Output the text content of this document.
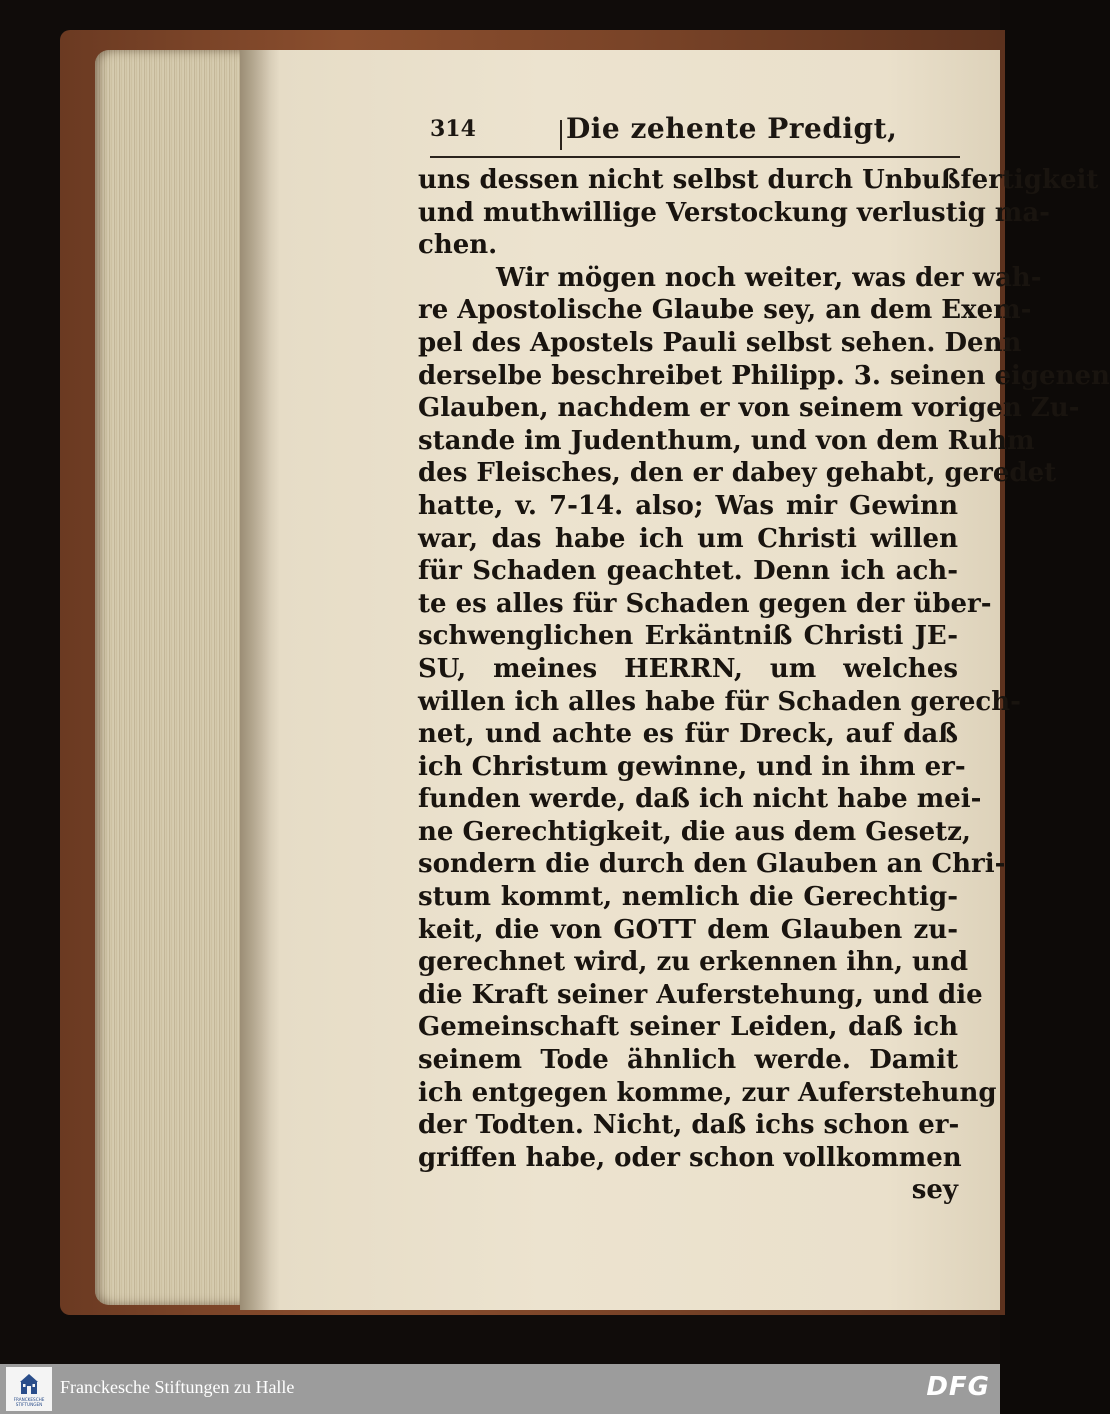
314	Die zehente Predigt,
uns dessen nicht selbst durch Unbußfertigkeit
und muthwillige Verstockung verlustig ma-
chen.
Wir mögen noch weiter, was der wah-
re Apostolische Glaube sey, an dem Exem-
pel des Apostels Pauli selbst sehen. Denn
derselbe beschreibet Philipp. 3. seinen eigenen
Glauben, nachdem er von seinem vorigen Zu-
stande im Judenthum, und von dem Ruhm
des Fleisches, den er dabey gehabt, geredet
hatte, v. 7-14. also; Was mir Gewinn
war, das habe ich um Christi willen
für Schaden geachtet. Denn ich ach-
te es alles für Schaden gegen der über-
schwenglichen Erkäntniß Christi JE-
SU, meines HERRN, um welches
willen ich alles habe für Schaden gerech-
net, und achte es für Dreck, auf daß
ich Christum gewinne, und in ihm er-
funden werde, daß ich nicht habe mei-
ne Gerechtigkeit, die aus dem Gesetz,
sondern die durch den Glauben an Chri-
stum kommt, nemlich die Gerechtig-
keit, die von GOTT dem Glauben zu-
gerechnet wird, zu erkennen ihn, und
die Kraft seiner Auferstehung, und die
Gemeinschaft seiner Leiden, daß ich
seinem Tode ähnlich werde. Damit
ich entgegen komme, zur Auferstehung
der Todten. Nicht, daß ichs schon er-
griffen habe, oder schon vollkommen
sey
FRANCKESCHE
STIFTUNGEN
Franckesche Stiftungen zu Halle	DFG
